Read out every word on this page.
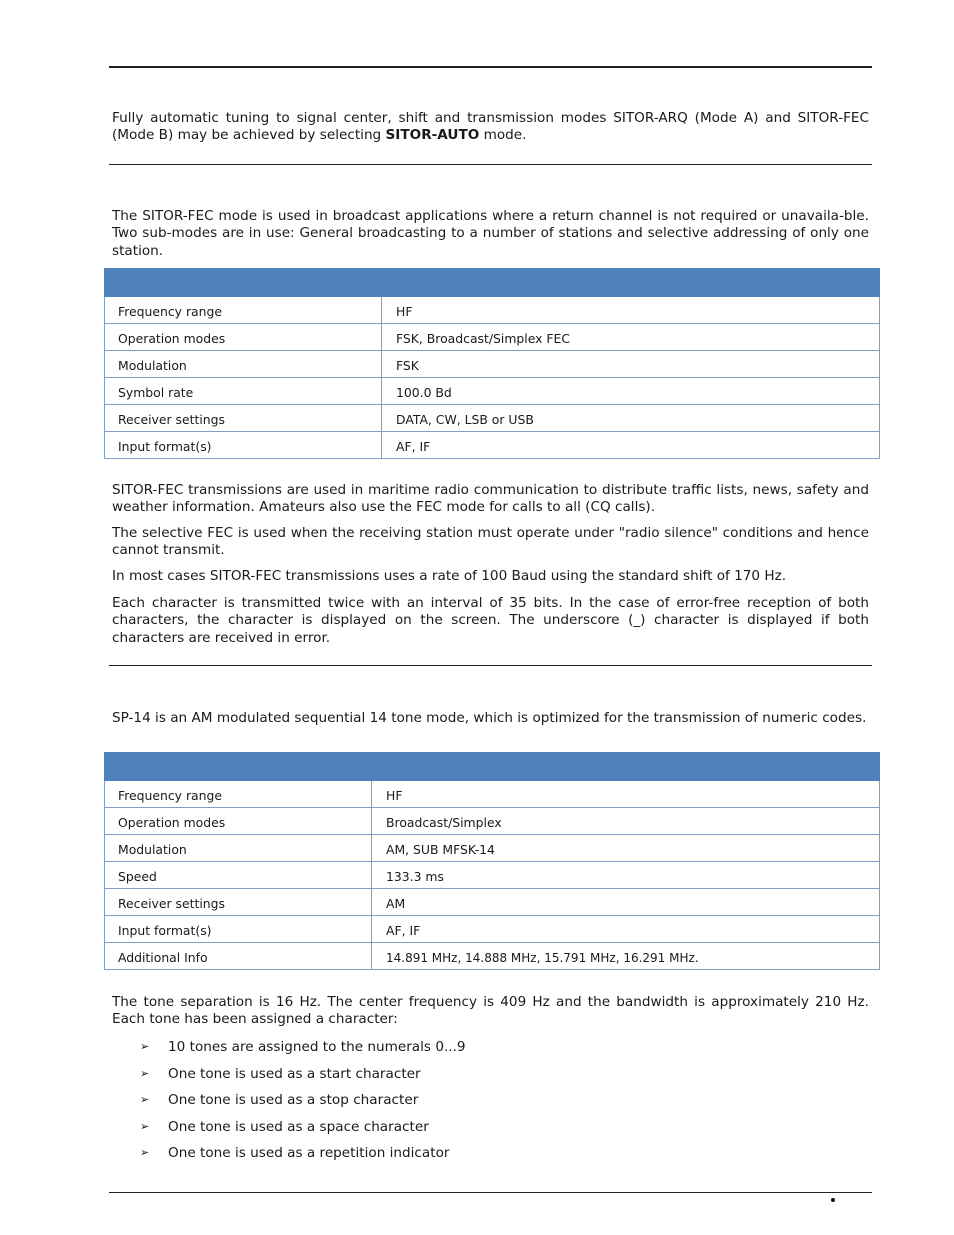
Fully automatic tuning to signal center, shift and transmission modes SITOR-ARQ (Mode A) and SITOR-FEC (Mode B) may be achieved by selecting SITOR-AUTO mode.

The SITOR-FEC mode is used in broadcast applications where a return channel is not required or unavaila-ble. Two sub-modes are in use: General broadcasting to a number of stations and selective addressing of only one station.

Frequency range	HF
Operation modes	FSK, Broadcast/Simplex FEC
Modulation	FSK
Symbol rate	100.0 Bd
Receiver settings	DATA, CW, LSB or USB
Input format(s)	AF, IF

SITOR-FEC transmissions are used in maritime radio communication to distribute traffic lists, news, safety and weather information. Amateurs also use the FEC mode for calls to all (CQ calls).

The selective FEC is used when the receiving station must operate under "radio silence" conditions and hence cannot transmit.

In most cases SITOR-FEC transmissions uses a rate of 100 Baud using the standard shift of 170 Hz.

Each character is transmitted twice with an interval of 35 bits. In the case of error-free reception of both characters, the character is displayed on the screen. The underscore (_) character is displayed if both characters are received in error.

SP-14 is an AM modulated sequential 14 tone mode, which is optimized for the transmission of numeric codes.

Frequency range	HF
Operation modes	Broadcast/Simplex
Modulation	AM, SUB MFSK-14
Speed	133.3 ms
Receiver settings	AM
Input format(s)	AF, IF
Additional Info	14.891 MHz, 14.888 MHz, 15.791 MHz, 16.291 MHz.

The tone separation is 16 Hz. The center frequency is 409 Hz and the bandwidth is approximately 210 Hz. Each tone has been assigned a character:

➢ 10 tones are assigned to the numerals 0...9
➢ One tone is used as a start character
➢ One tone is used as a stop character
➢ One tone is used as a space character
➢ One tone is used as a repetition indicator
